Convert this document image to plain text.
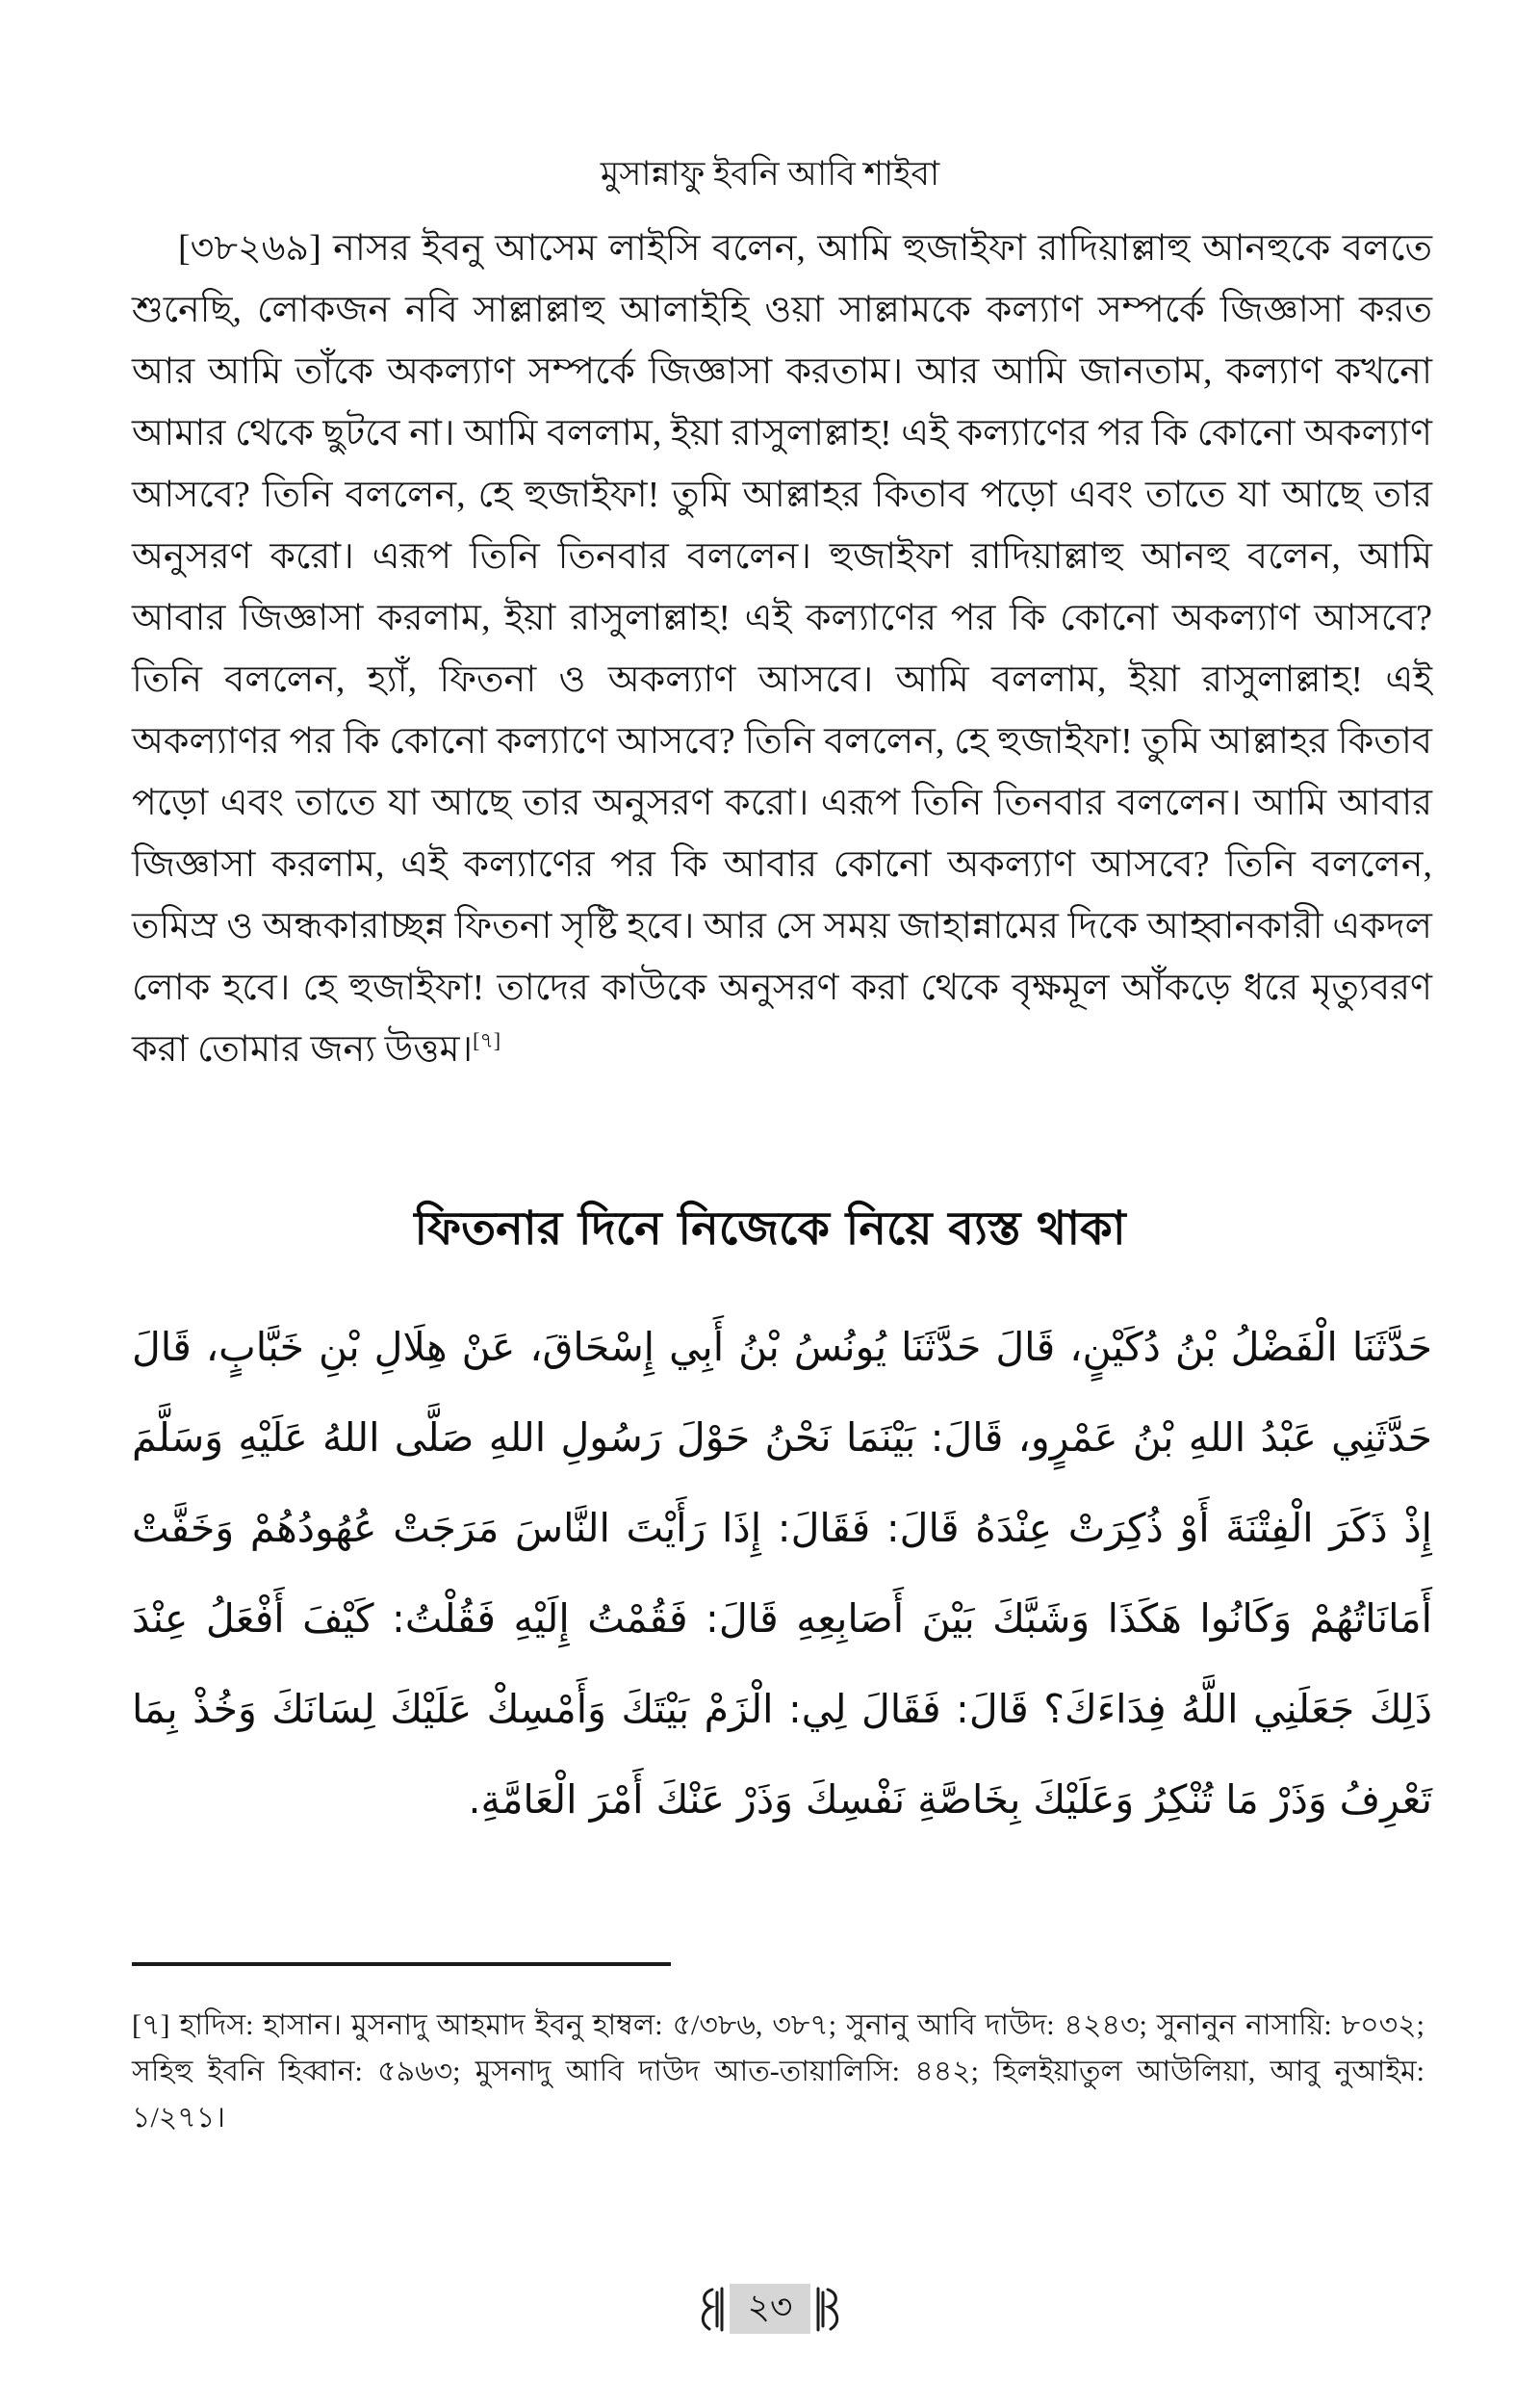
মুসান্নাফু ইবনি আবি শাইবা

[৩৮২৬৯] নাসর ইবনু আসেম লাইসি বলেন, আমি হুজাইফা রাদিয়াল্লাহু আনহুকে বলতে শুনেছি, লোকজন নবি সাল্লাল্লাহু আলাইহি ওয়া সাল্লামকে কল্যাণ সম্পর্কে জিজ্ঞাসা করত আর আমি তাঁকে অকল্যাণ সম্পর্কে জিজ্ঞাসা করতাম। আর আমি জানতাম, কল্যাণ কখনো আমার থেকে ছুটবে না। আমি বললাম, ইয়া রাসুলাল্লাহ! এই কল্যাণের পর কি কোনো অকল্যাণ আসবে? তিনি বললেন, হে হুজাইফা! তুমি আল্লাহর কিতাব পড়ো এবং তাতে যা আছে তার অনুসরণ করো। এরূপ তিনি তিনবার বললেন। হুজাইফা রাদিয়াল্লাহু আনহু বলেন, আমি আবার জিজ্ঞাসা করলাম, ইয়া রাসুলাল্লাহ! এই কল্যাণের পর কি কোনো অকল্যাণ আসবে? তিনি বললেন, হ্যাঁ, ফিতনা ও অকল্যাণ আসবে। আমি বললাম, ইয়া রাসুলাল্লাহ! এই অকল্যাণর পর কি কোনো কল্যাণে আসবে? তিনি বললেন, হে হুজাইফা! তুমি আল্লাহর কিতাব পড়ো এবং তাতে যা আছে তার অনুসরণ করো। এরূপ তিনি তিনবার বললেন। আমি আবার জিজ্ঞাসা করলাম, এই কল্যাণের পর কি আবার কোনো অকল্যাণ আসবে? তিনি বললেন, তমিস্র ও অন্ধকারাচ্ছন্ন ফিতনা সৃষ্টি হবে। আর সে সময় জাহান্নামের দিকে আহ্বানকারী একদল লোক হবে। হে হুজাইফা! তাদের কাউকে অনুসরণ করা থেকে বৃক্ষমূল আঁকড়ে ধরে মৃত্যুবরণ করা তোমার জন্য উত্তম।[৭]

ফিতনার দিনে নিজেকে নিয়ে ব্যস্ত থাকা

حَدَّثَنَا الْفَضْلُ بْنُ دُكَيْنٍ، قَالَ حَدَّثَنَا يُونُسُ بْنُ أَبِي إِسْحَاقَ، عَنْ هِلَالِ بْنِ خَبَّابٍ، قَالَ حَدَّثَنِي عَبْدُ اللهِ بْنُ عَمْرٍو، قَالَ: بَيْنَمَا نَحْنُ حَوْلَ رَسُولِ اللهِ صَلَّى اللهُ عَلَيْهِ وَسَلَّمَ إِذْ ذَكَرَ الْفِتْنَةَ أَوْ ذُكِرَتْ عِنْدَهُ قَالَ: فَقَالَ: إِذَا رَأَيْتَ النَّاسَ مَرَجَتْ عُهُودُهُمْ وَخَفَّتْ أَمَانَاتُهُمْ وَكَانُوا هَكَذَا وَشَبَّكَ بَيْنَ أَصَابِعِهِ قَالَ: فَقُمْتُ إِلَيْهِ فَقُلْتُ: كَيْفَ أَفْعَلُ عِنْدَ ذَلِكَ جَعَلَنِي اللَّهُ فِدَاءَكَ؟ قَالَ: فَقَالَ لِي: الْزَمْ بَيْتَكَ وَأَمْسِكْ عَلَيْكَ لِسَانَكَ وَخُذْ بِمَا تَعْرِفُ وَذَرْ مَا تُنْكِرُ وَعَلَيْكَ بِخَاصَّةِ نَفْسِكَ وَذَرْ عَنْكَ أَمْرَ الْعَامَّةِ.

[৭] হাদিস: হাসান। মুসনাদু আহমাদ ইবনু হাম্বল: ৫/৩৮৬, ৩৮৭; সুনানু আবি দাউদ: ৪২৪৩; সুনানুন নাসায়ি: ৮০৩২; সহিহু ইবনি হিব্বান: ৫৯৬৩; মুসনাদু আবি দাউদ আত-তায়ালিসি: ৪৪২; হিলইয়াতুল আউলিয়া, আবু নুআইম: ১/২৭১।

২৩
